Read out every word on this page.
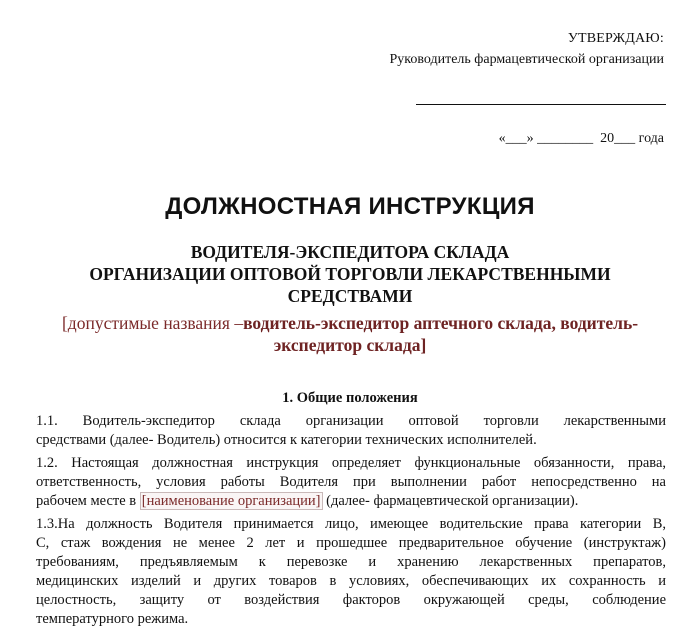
УТВЕРЖДАЮ:
Руководитель фармацевтической организации
«___» ________  20___ года
ДОЛЖНОСТНАЯ ИНСТРУКЦИЯ
ВОДИТЕЛЯ-ЭКСПЕДИТОРА СКЛАДА
ОРГАНИЗАЦИИ ОПТОВОЙ ТОРГОВЛИ ЛЕКАРСТВЕННЫМИ
СРЕДСТВАМИ
[допустимые названия –водитель-экспедитор аптечного склада, водитель-
экспедитор склада]
1. Общие положения
1.1. Водитель-экспедитор склада организации оптовой торговли лекарственными
средствами (далее- Водитель) относится к категории технических исполнителей.
1.2. Настоящая должностная инструкция определяет функциональные обязанности, права,
ответственность, условия работы Водителя при выполнении работ непосредственно на
рабочем месте в [наименование организации] (далее- фармацевтической организации).
1.3.На должность Водителя принимается лицо, имеющее водительские права категории В,
С, стаж вождения не менее 2 лет и прошедшее предварительное обучение (инструктаж)
требованиям, предъявляемым к перевозке и хранению лекарственных препаратов,
медицинских изделий и других товаров в условиях, обеспечивающих их сохранность и
целостность, защиту от воздействия факторов окружающей среды, соблюдение
температурного режима.
